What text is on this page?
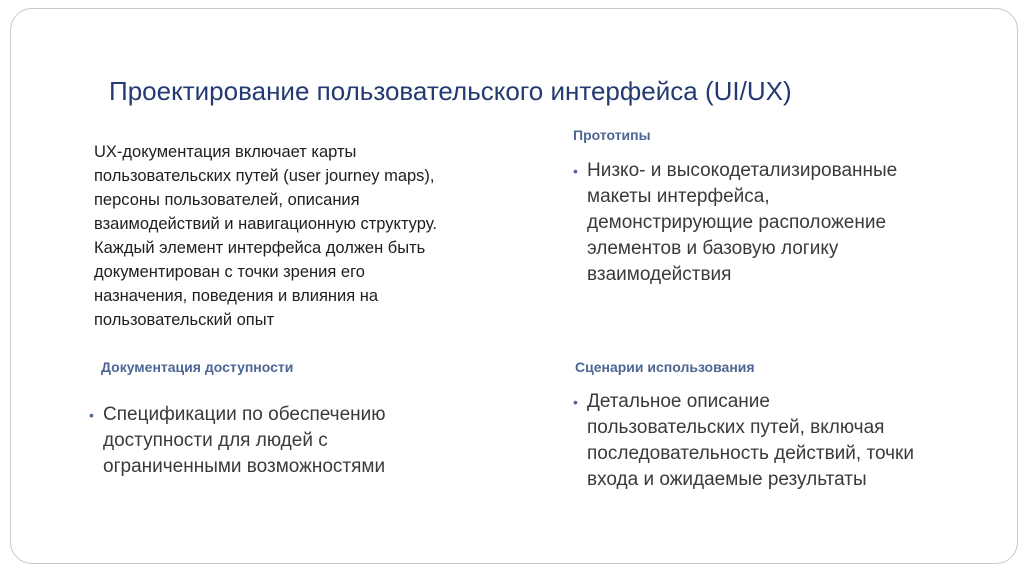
Проектирование пользовательского интерфейса (UI/UX)
UX-документация включает карты
пользовательских путей (user journey maps),
персоны пользователей, описания
взаимодействий и навигационную структуру.
Каждый элемент интерфейса должен быть
документирован с точки зрения его
назначения, поведения и влияния на
пользовательский опыт
Прототипы
• Низко- и высокодетализированные
макеты интерфейса,
демонстрирующие расположение
элементов и базовую логику
взаимодействия
Документация доступности
• Спецификации по обеспечению
доступности для людей с
ограниченными возможностями
Сценарии использования
• Детальное описание
пользовательских путей, включая
последовательность действий, точки
входа и ожидаемые результаты
